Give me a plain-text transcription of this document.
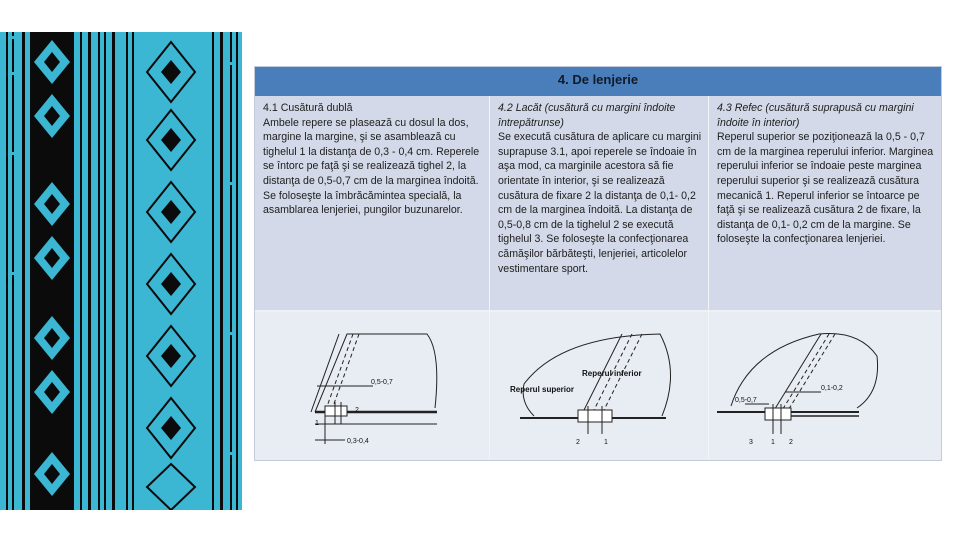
4. De lenjerie
4.1 Cusătură dublă
Ambele repere se plasează cu dosul la dos, margine la margine, şi se asamblează cu tighelul 1 la distanţa de 0,3 - 0,4 cm. Reperele se întorc pe faţă şi se realizează tighel 2, la distanţa de 0,5-0,7 cm de la marginea îndoită. Se foloseşte la îmbrăcămintea specială, la asamblarea lenjeriei, pungilor buzunarelor.
4.2 Lacăt (cusătură cu margini îndoite întrepătrunse)
Se execută cusătura de aplicare cu margini suprapuse 3.1, apoi reperele se îndoaie în aşa mod, ca marginile acestora să fie orientate în interior, şi se realizează cusătura de fixare 2 la distanţa de 0,1- 0,2 cm de la marginea îndoită. La distanţa de 0,5-0,8 cm de la tighelul 2 se execută tighelul 3. Se foloseşte la confecţionarea cămăşilor bărbăteşti, lenjeriei, articolelor vestimentare sport.
4.3 Refec (cusătură suprapusă cu margini îndoite în interior)
Reperul superior se poziţionează la 0,5 - 0,7 cm de la marginea reperului inferior. Marginea reperului inferior se îndoaie peste marginea reperului superior şi se realizează cusătura mecanică 1. Reperul inferior se întoarce pe faţă şi se realizează cusătura 2 de fixare, la distanţa de 0,1- 0,2 cm de la margine. Se foloseşte la confecţionarea lenjeriei.
0,5-0,7
0,3-0,4
1
2
Reperul superior
Reperul inferior
2	1
0,5-0,7
0,1-0,2
3	1 2
